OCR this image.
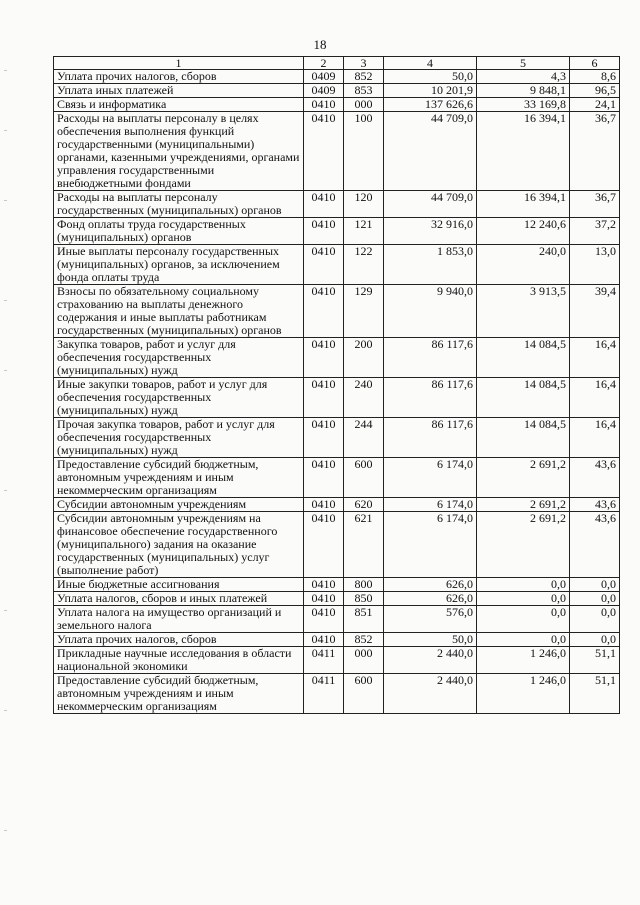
18
1	2	3	4	5	6
Уплата прочих налогов, сборов	0409	852	50,0	4,3	8,6
Уплата иных платежей	0409	853	10 201,9	9 848,1	96,5
Связь и информатика	0410	000	137 626,6	33 169,8	24,1
Расходы на выплаты персоналу в целях обеспечения выполнения функций государственными (муниципальными) органами, казенными учреждениями, органами управления государственными внебюджетными фондами	0410	100	44 709,0	16 394,1	36,7
Расходы на выплаты персоналу государственных (муниципальных) органов	0410	120	44 709,0	16 394,1	36,7
Фонд оплаты труда государственных (муниципальных) органов	0410	121	32 916,0	12 240,6	37,2
Иные выплаты персоналу государственных (муниципальных) органов, за исключением фонда оплаты труда	0410	122	1 853,0	240,0	13,0
Взносы по обязательному социальному страхованию на выплаты денежного содержания и иные выплаты работникам государственных (муниципальных) органов	0410	129	9 940,0	3 913,5	39,4
Закупка товаров, работ и услуг для обеспечения государственных (муниципальных) нужд	0410	200	86 117,6	14 084,5	16,4
Иные закупки товаров, работ и услуг для обеспечения государственных (муниципальных) нужд	0410	240	86 117,6	14 084,5	16,4
Прочая закупка товаров, работ и услуг для обеспечения государственных (муниципальных) нужд	0410	244	86 117,6	14 084,5	16,4
Предоставление субсидий бюджетным, автономным учреждениям и иным некоммерческим организациям	0410	600	6 174,0	2 691,2	43,6
Субсидии автономным учреждениям	0410	620	6 174,0	2 691,2	43,6
Субсидии автономным учреждениям на финансовое обеспечение государственного (муниципального) задания на оказание государственных (муниципальных) услуг (выполнение работ)	0410	621	6 174,0	2 691,2	43,6
Иные бюджетные ассигнования	0410	800	626,0	0,0	0,0
Уплата налогов, сборов и иных платежей	0410	850	626,0	0,0	0,0
Уплата налога на имущество организаций и земельного налога	0410	851	576,0	0,0	0,0
Уплата прочих налогов, сборов	0410	852	50,0	0,0	0,0
Прикладные научные исследования в области национальной экономики	0411	000	2 440,0	1 246,0	51,1
Предоставление субсидий бюджетным, автономным учреждениям и иным некоммерческим организациям	0411	600	2 440,0	1 246,0	51,1
